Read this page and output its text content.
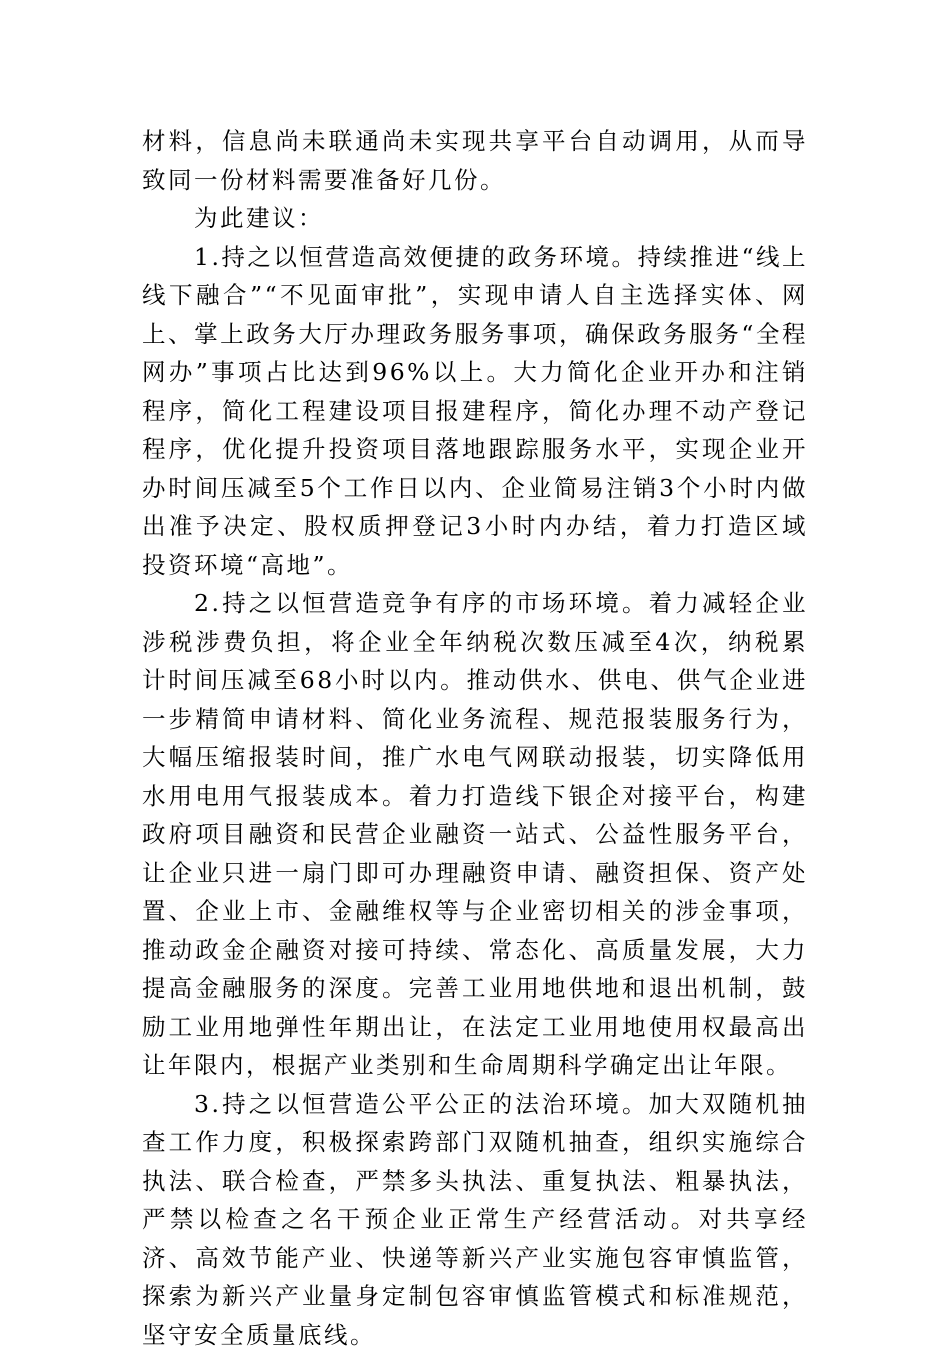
材料，信息尚未联通尚未实现共享平台自动调用，从而导致同一份材料需要准备好几份。

为此建议：

1.持之以恒营造高效便捷的政务环境。持续推进“线上线下融合”“不见面审批”，实现申请人自主选择实体、网上、掌上政务大厅办理政务服务事项，确保政务服务“全程网办”事项占比达到96%以上。大力简化企业开办和注销程序，简化工程建设项目报建程序，简化办理不动产登记程序，优化提升投资项目落地跟踪服务水平，实现企业开办时间压减至5个工作日以内、企业简易注销3个小时内做出准予决定、股权质押登记3小时内办结，着力打造区域投资环境“高地”。

2.持之以恒营造竞争有序的市场环境。着力减轻企业涉税涉费负担，将企业全年纳税次数压减至4次，纳税累计时间压减至68小时以内。推动供水、供电、供气企业进一步精简申请材料、简化业务流程、规范报装服务行为，大幅压缩报装时间，推广水电气网联动报装，切实降低用水用电用气报装成本。着力打造线下银企对接平台，构建政府项目融资和民营企业融资一站式、公益性服务平台，让企业只进一扇门即可办理融资申请、融资担保、资产处置、企业上市、金融维权等与企业密切相关的涉金事项，推动政金企融资对接可持续、常态化、高质量发展，大力提高金融服务的深度。完善工业用地供地和退出机制，鼓励工业用地弹性年期出让，在法定工业用地使用权最高出让年限内，根据产业类别和生命周期科学确定出让年限。

3.持之以恒营造公平公正的法治环境。加大双随机抽查工作力度，积极探索跨部门双随机抽查，组织实施综合执法、联合检查，严禁多头执法、重复执法、粗暴执法，严禁以检查之名干预企业正常生产经营活动。对共享经济、高效节能产业、快递等新兴产业实施包容审慎监管，探索为新兴产业量身定制包容审慎监管模式和标准规范，坚守安全质量底线。
